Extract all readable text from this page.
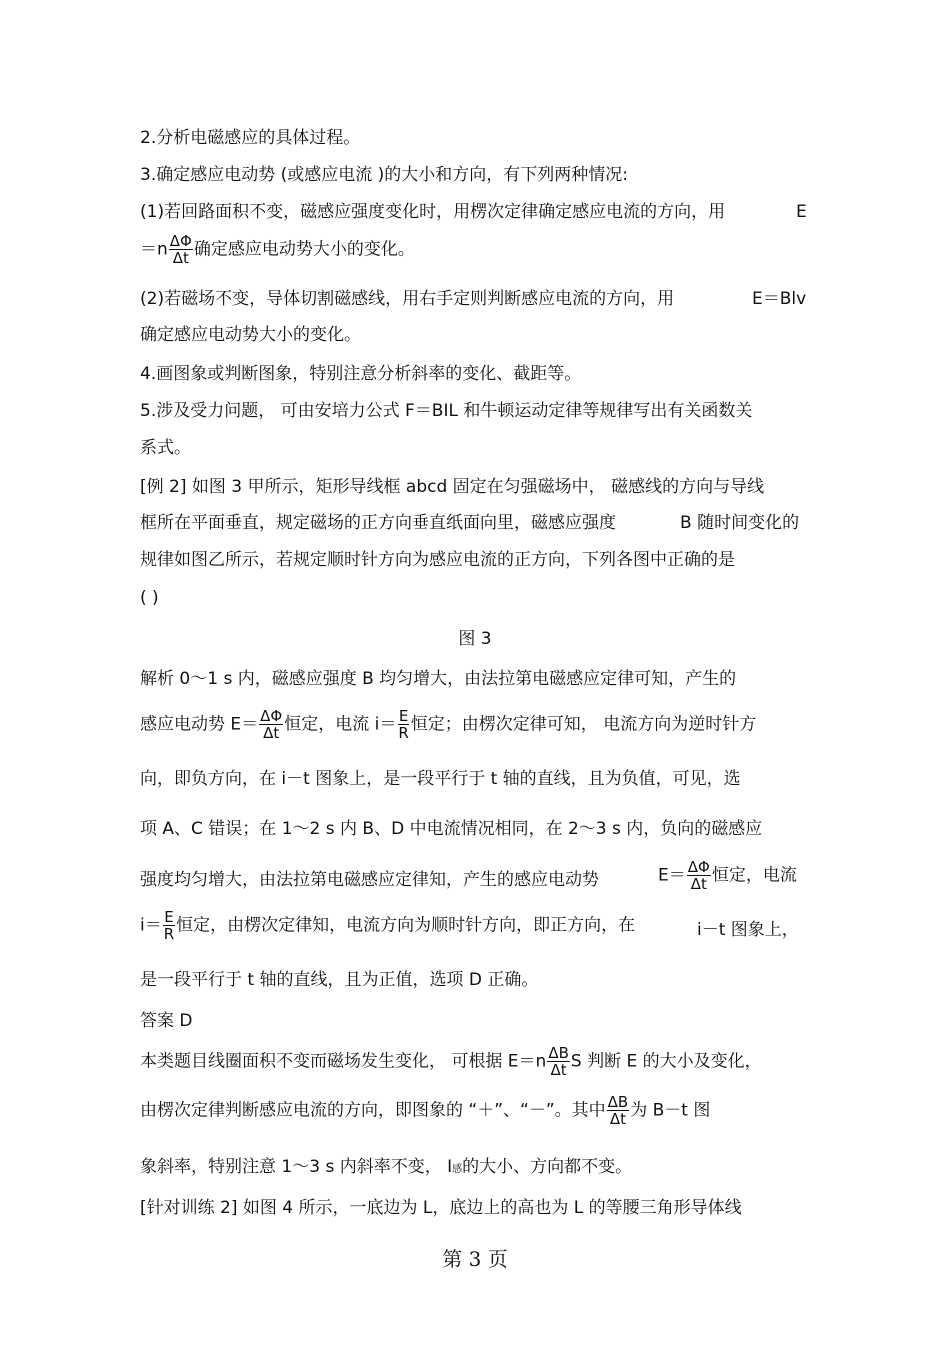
2.分析电磁感应的具体过程。
3.确定感应电动势 (或感应电流 )的大小和方向，有下列两种情况:
(1)若回路面积不变，磁感应强度变化时，用楞次定律确定感应电流的方向，用	E
$=n \frac{\Delta\Phi}{\Delta t}$ 确定感应电动势大小的变化。
(2)若磁场不变，导体切割磁感线，用右手定则判断感应电流的方向，用	E＝Blv
确定感应电动势大小的变化。
4.画图象或判断图象，特别注意分析斜率的变化、截距等。
5.涉及受力问题， 可由安培力公式 F＝BIL 和牛顿运动定律等规律写出有关函数关
系式。
[例 2] 如图 3 甲所示，矩形导线框 abcd 固定在匀强磁场中， 磁感线的方向与导线
框所在平面垂直，规定磁场的正方向垂直纸面向里，磁感应强度	B 随时间变化的
规律如图乙所示，若规定顺时针方向为感应电流的正方向，下列各图中正确的是
( )
图 3
解析 0～1 s 内，磁感应强度 B 均匀增大，由法拉第电磁感应定律可知，产生的
感应电动势 $E= \frac{\Delta\Phi}{\Delta t}$ 恒定，电流 $i= \frac{E}{R}$ 恒定；由楞次定律可知， 电流方向为逆时针方
向，即负方向，在 i－t 图象上，是一段平行于 t 轴的直线，且为负值，可见，选
项 A、C 错误；在 1～2 s 内 B、D 中电流情况相同，在 2～3 s 内，负向的磁感应
强度均匀增大，由法拉第电磁感应定律知，产生的感应电动势	$E= \frac{\Delta\Phi}{\Delta t}$ 恒定，电流
$i= \frac{E}{R}$ 恒定，由楞次定律知，电流方向为顺时针方向，即正方向，在	i－t 图象上，
是一段平行于 t 轴的直线，且为正值，选项 D 正确。
答案 D
本类题目线圈面积不变而磁场发生变化， 可根据 $E=n \frac{\Delta B}{\Delta t}$ S 判断 E 的大小及变化，
由楞次定律判断感应电流的方向，即图象的 “＋”、“－”。其中 $\frac{\Delta B}{\Delta t}$ 为 B－t 图
象斜率，特别注意 1～3 s 内斜率不变， I感的大小、方向都不变。
[针对训练 2] 如图 4 所示，一底边为 L，底边上的高也为 L 的等腰三角形导体线
第 3 页
